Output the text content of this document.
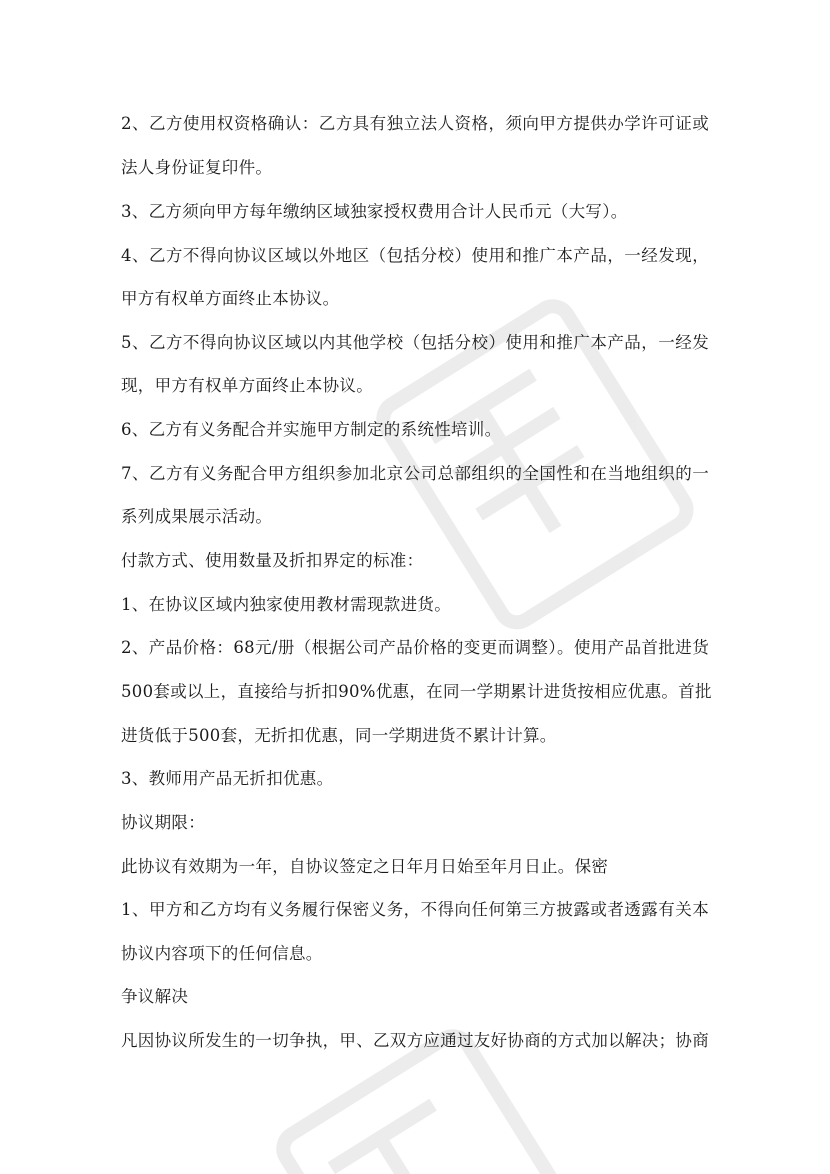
2、乙方使用权资格确认：乙方具有独立法人资格，须向甲方提供办学许可证或
法人身份证复印件。
3、乙方须向甲方每年缴纳区域独家授权费用合计人民币元（大写）。
4、乙方不得向协议区域以外地区（包括分校）使用和推广本产品，一经发现，
甲方有权单方面终止本协议。
5、乙方不得向协议区域以内其他学校（包括分校）使用和推广本产品，一经发
现，甲方有权单方面终止本协议。
6、乙方有义务配合并实施甲方制定的系统性培训。
7、乙方有义务配合甲方组织参加北京公司总部组织的全国性和在当地组织的一
系列成果展示活动。
付款方式、使用数量及折扣界定的标准：
1、在协议区域内独家使用教材需现款进货。
2、产品价格：68元/册（根据公司产品价格的变更而调整）。使用产品首批进货
500套或以上，直接给与折扣90%优惠，在同一学期累计进货按相应优惠。首批
进货低于500套，无折扣优惠，同一学期进货不累计计算。
3、教师用产品无折扣优惠。
协议期限：
此协议有效期为一年，自协议签定之日年月日始至年月日止。保密
1、甲方和乙方均有义务履行保密义务，不得向任何第三方披露或者透露有关本
协议内容项下的任何信息。
争议解决
凡因协议所发生的一切争执，甲、乙双方应通过友好协商的方式加以解决；协商
